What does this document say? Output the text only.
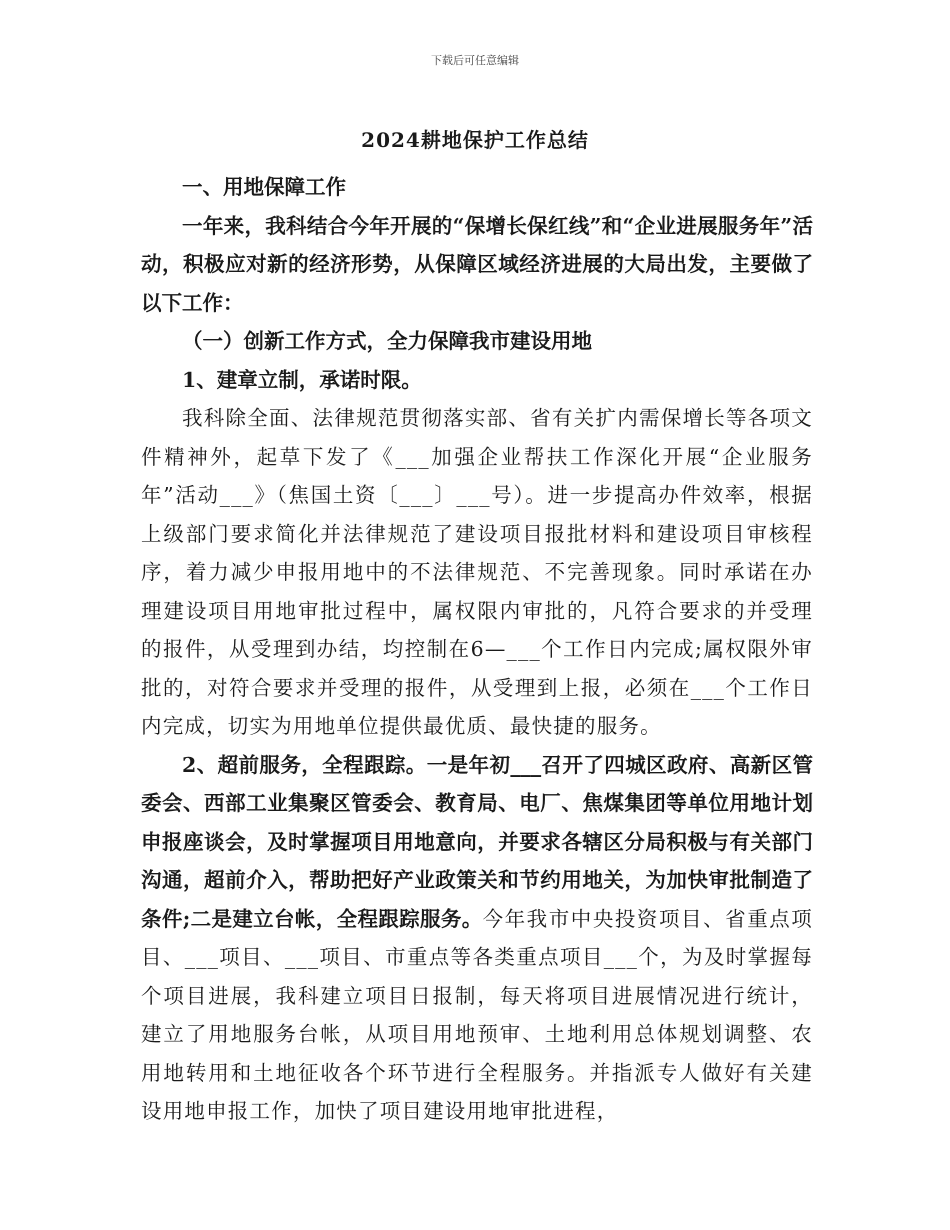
下载后可任意编辑
2024耕地保护工作总结

一、用地保障工作

一年来，我科结合今年开展的“保增长保红线”和“企业进展服务年”活动，积极应对新的经济形势，从保障区域经济进展的大局出发，主要做了以下工作：

（一）创新工作方式，全力保障我市建设用地

1、建章立制，承诺时限。

我科除全面、法律规范贯彻落实部、省有关扩内需保增长等各项文件精神外，起草下发了《___加强企业帮扶工作深化开展“企业服务年”活动___》（焦国土资〔___〕___号）。进一步提高办件效率，根据上级部门要求简化并法律规范了建设项目报批材料和建设项目审核程序，着力减少申报用地中的不法律规范、不完善现象。同时承诺在办理建设项目用地审批过程中，属权限内审批的，凡符合要求的并受理的报件，从受理到办结，均控制在6—___个工作日内完成;属权限外审批的，对符合要求并受理的报件，从受理到上报，必须在___个工作日内完成，切实为用地单位提供最优质、最快捷的服务。

2、超前服务，全程跟踪。一是年初___召开了四城区政府、高新区管委会、西部工业集聚区管委会、教育局、电厂、焦煤集团等单位用地计划申报座谈会，及时掌握项目用地意向，并要求各辖区分局积极与有关部门沟通，超前介入，帮助把好产业政策关和节约用地关，为加快审批制造了条件;二是建立台帐，全程跟踪服务。今年我市中央投资项目、省重点项目、___项目、___项目、市重点等各类重点项目___个，为及时掌握每个项目进展，我科建立项目日报制，每天将项目进展情况进行统计，建立了用地服务台帐，从项目用地预审、土地利用总体规划调整、农用地转用和土地征收各个环节进行全程服务。并指派专人做好有关建设用地申报工作，加快了项目建设用地审批进程，
